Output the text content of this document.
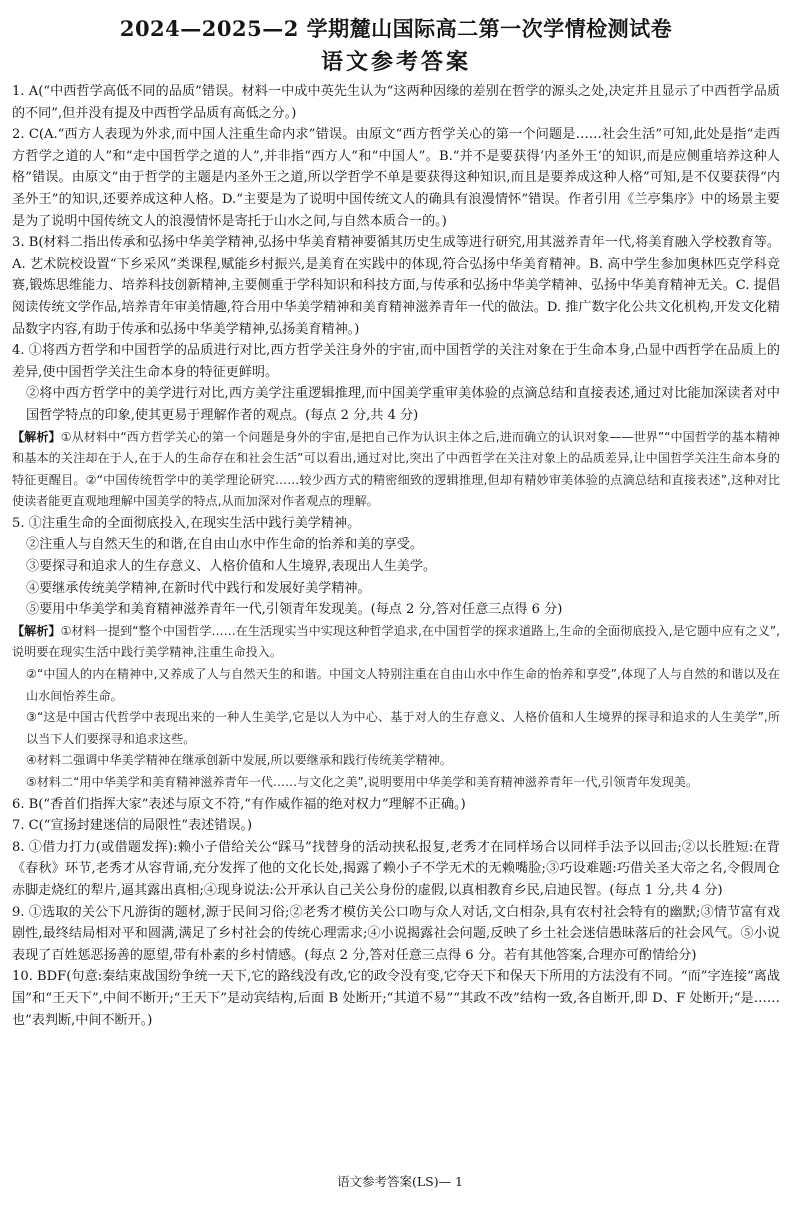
2024—2025—2 学期麓山国际高二第一次学情检测试卷
语文参考答案
1. A(“中西哲学高低不同的品质”错误。材料一中成中英先生认为“这两种因缘的差别在哲学的源头之处,决定并且显示了中西哲学品质的不同”,但并没有提及中西哲学品质有高低之分。)
2. C(A.“西方人表现为外求,而中国人注重生命内求”错误。由原文“西方哲学关心的第一个问题是……社会生活”可知,此处是指“走西方哲学之道的人”和“走中国哲学之道的人”,并非指“西方人”和“中国人”。B.“并不是要获得‘内圣外王’的知识,而是应侧重培养这种人格”错误。由原文“由于哲学的主题是内圣外王之道,所以学哲学不单是要获得这种知识,而且是要养成这种人格”可知,是不仅要获得“内圣外王”的知识,还要养成这种人格。D.“主要是为了说明中国传统文人的确具有浪漫情怀”错误。作者引用《兰亭集序》中的场景主要是为了说明中国传统文人的浪漫情怀是寄托于山水之间,与自然本质合一的。)
3. B(材料二指出传承和弘扬中华美学精神,弘扬中华美育精神要循其历史生成等进行研究,用其滋养青年一代,将美育融入学校教育等。A. 艺术院校设置“下乡采风”类课程,赋能乡村振兴,是美育在实践中的体现,符合弘扬中华美育精神。B. 高中学生参加奥林匹克学科竞赛,锻炼思维能力、培养科技创新精神,主要侧重于学科知识和科技方面,与传承和弘扬中华美学精神、弘扬中华美育精神无关。C. 提倡阅读传统文学作品,培养青年审美情趣,符合用中华美学精神和美育精神滋养青年一代的做法。D. 推广数字化公共文化机构,开发文化精品数字内容,有助于传承和弘扬中华美学精神,弘扬美育精神。)
4. ①将西方哲学和中国哲学的品质进行对比,西方哲学关注身外的宇宙,而中国哲学的关注对象在于生命本身,凸显中西哲学在品质上的差异,使中国哲学关注生命本身的特征更鲜明。
②将中西方哲学中的美学进行对比,西方美学注重逻辑推理,而中国美学重审美体验的点滴总结和直接表述,通过对比能加深读者对中国哲学特点的印象,使其更易于理解作者的观点。(每点 2 分,共 4 分)
【解析】①从材料中“西方哲学关心的第一个问题是身外的宇宙,是把自己作为认识主体之后,进而确立的认识对象——世界”“中国哲学的基本精神和基本的关注却在于人,在于人的生命存在和社会生活”可以看出,通过对比,突出了中西哲学在关注对象上的品质差异,让中国哲学关注生命本身的特征更醒目。②“中国传统哲学中的美学理论研究……较少西方式的精密细致的逻辑推理,但却有精妙审美体验的点滴总结和直接表述”,这种对比使读者能更直观地理解中国美学的特点,从而加深对作者观点的理解。
5. ①注重生命的全面彻底投入,在现实生活中践行美学精神。
②注重人与自然天生的和谐,在自由山水中作生命的怡养和美的享受。
③要探寻和追求人的生存意义、人格价值和人生境界,表现出人生美学。
④要继承传统美学精神,在新时代中践行和发展好美学精神。
⑤要用中华美学和美育精神滋养青年一代,引领青年发现美。(每点 2 分,答对任意三点得 6 分)
【解析】①材料一提到“整个中国哲学……在生活现实当中实现这种哲学追求,在中国哲学的探求道路上,生命的全面彻底投入,是它题中应有之义”,说明要在现实生活中践行美学精神,注重生命投入。
②“中国人的内在精神中,又养成了人与自然天生的和谐。中国文人特别注重在自由山水中作生命的怡养和享受”,体现了人与自然的和谐以及在山水间怡养生命。
③“这是中国古代哲学中表现出来的一种人生美学,它是以人为中心、基于对人的生存意义、人格价值和人生境界的探寻和追求的人生美学”,所以当下人们要探寻和追求这些。
④材料二强调中华美学精神在继承创新中发展,所以要继承和践行传统美学精神。
⑤材料二“用中华美学和美育精神滋养青年一代……与文化之美”,说明要用中华美学和美育精神滋养青年一代,引领青年发现美。
6. B(“香首们指挥大家”表述与原文不符,“有作威作福的绝对权力”理解不正确。)
7. C(“宣扬封建迷信的局限性”表述错误。)
8. ①借力打力(或借题发挥):赖小子借给关公“踩马”找替身的活动挟私报复,老秀才在同样场合以同样手法予以回击;②以长胜短:在背《春秋》环节,老秀才从容背诵,充分发挥了他的文化长处,揭露了赖小子不学无术的无赖嘴脸;③巧设难题:巧借关圣大帝之名,令假周仓赤脚走烧红的犁片,逼其露出真相;④现身说法:公开承认自己关公身份的虚假,以真相教育乡民,启迪民智。(每点 1 分,共 4 分)
9. ①选取的关公下凡游街的题材,源于民间习俗;②老秀才模仿关公口吻与众人对话,文白相杂,具有农村社会特有的幽默;③情节富有戏剧性,最终结局相对平和圆满,满足了乡村社会的传统心理需求;④小说揭露社会问题,反映了乡土社会迷信愚昧落后的社会风气。⑤小说表现了百姓惩恶扬善的愿望,带有朴素的乡村情感。(每点 2 分,答对任意三点得 6 分。若有其他答案,合理亦可酌情给分)
10. BDF(句意:秦结束战国纷争统一天下,它的路线没有改,它的政令没有变,它夺天下和保天下所用的方法没有不同。“而”字连接“离战国”和“王天下”,中间不断开;“王天下”是动宾结构,后面 B 处断开;“其道不易”“其政不改”结构一致,各自断开,即 D、F 处断开;“是……也”表判断,中间不断开。)
语文参考答案(LS)— 1
